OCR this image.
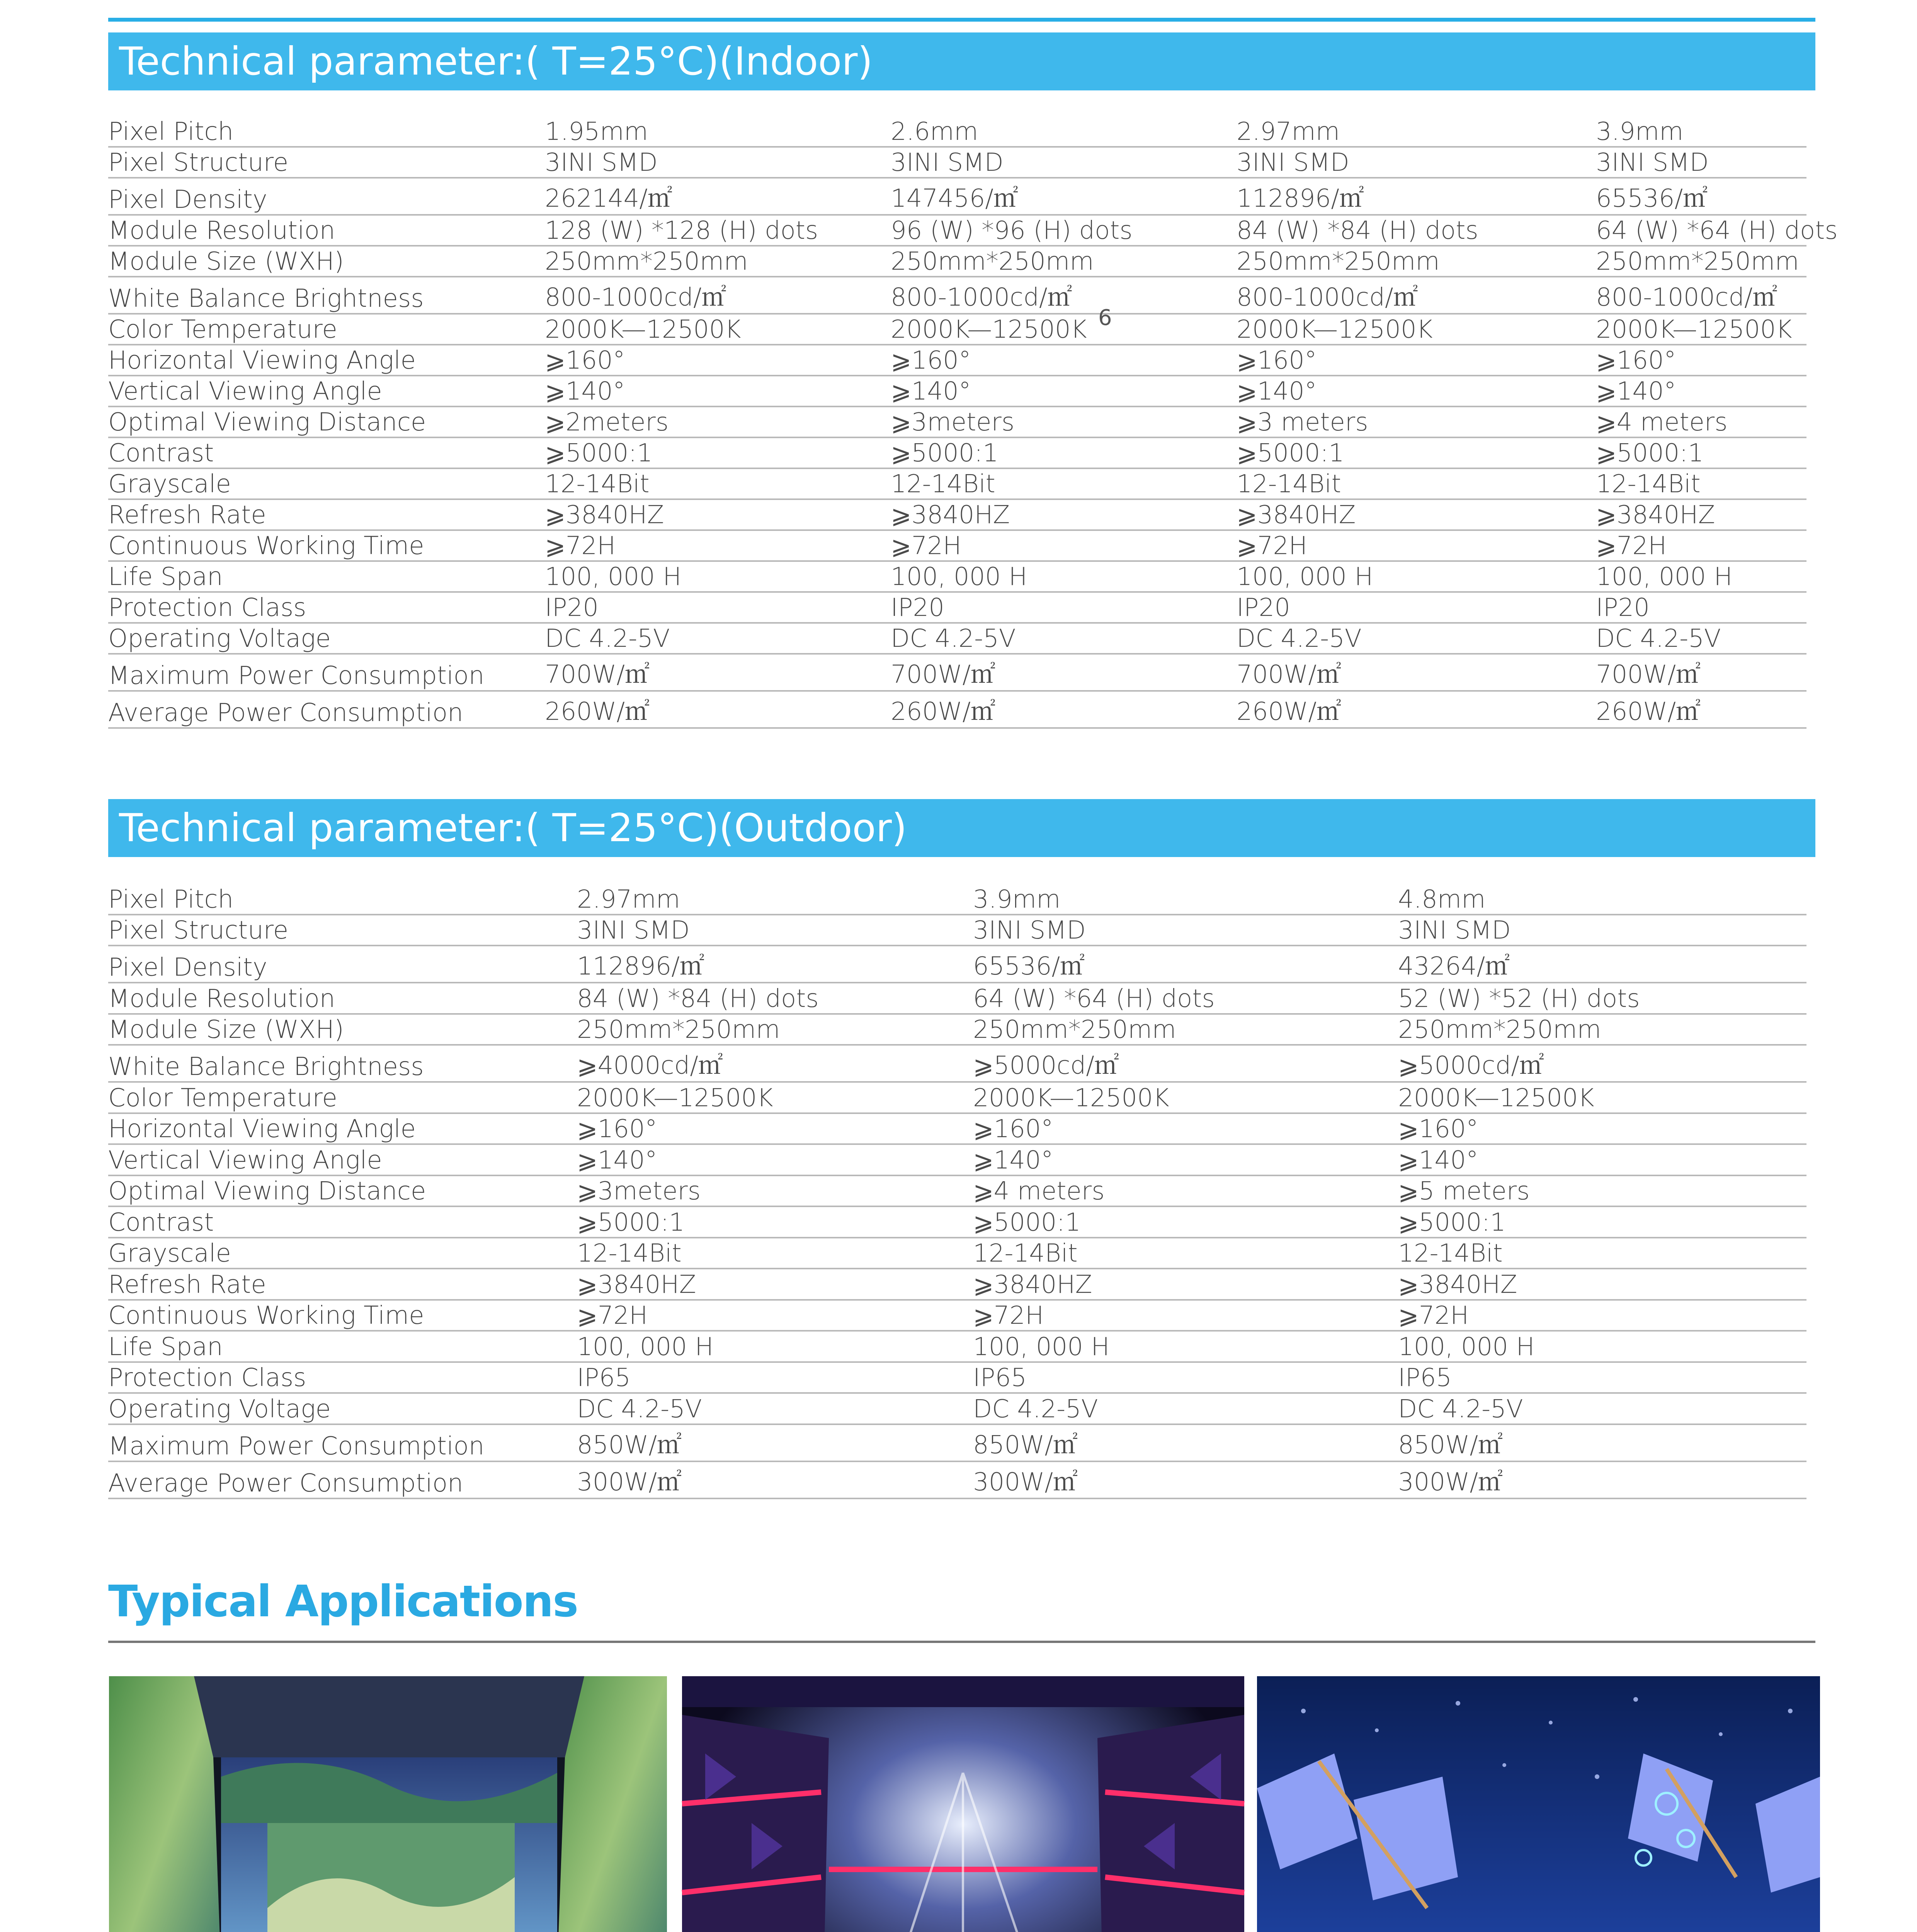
Technical parameter:( T=25°C)(Indoor)
Pixel Pitch	1.95mm	2.6mm	2.97mm	3.9mm
Pixel Structure	3INI SMD	3INI SMD	3INI SMD	3INI SMD
Pixel Density	262144/㎡	147456/㎡	112896/㎡	65536/㎡
Module Resolution	128 (W) *128 (H) dots	96 (W) *96 (H) dots	84 (W) *84 (H) dots	64 (W) *64 (H) dots
Module Size (WXH)	250mm*250mm	250mm*250mm	250mm*250mm	250mm*250mm
White Balance Brightness	800-1000cd/㎡	800-1000cd/㎡	800-1000cd/㎡	800-1000cd/㎡
Color Temperature	2000K—12500K	2000K—12500K	2000K—12500K	2000K—12500K
Horizontal Viewing Angle	⩾160°	⩾160°	⩾160°	⩾160°
Vertical Viewing Angle	⩾140°	⩾140°	⩾140°	⩾140°
Optimal Viewing Distance	⩾2meters	⩾3meters	⩾3 meters	⩾4 meters
Contrast	⩾5000:1	⩾5000:1	⩾5000:1	⩾5000:1
Grayscale	12-14Bit	12-14Bit	12-14Bit	12-14Bit
Refresh Rate	⩾3840HZ	⩾3840HZ	⩾3840HZ	⩾3840HZ
Continuous Working Time	⩾72H	⩾72H	⩾72H	⩾72H
Life Span	100, 000 H	100, 000 H	100, 000 H	100, 000 H
Protection Class	IP20	IP20	IP20	IP20
Operating Voltage	DC 4.2-5V	DC 4.2-5V	DC 4.2-5V	DC 4.2-5V
Maximum Power Consumption	700W/㎡	700W/㎡	700W/㎡	700W/㎡
Average Power Consumption	260W/㎡	260W/㎡	260W/㎡	260W/㎡
6
Technical parameter:( T=25°C)(Outdoor)
Pixel Pitch	2.97mm	3.9mm	4.8mm
Pixel Structure	3INI SMD	3INI SMD	3INI SMD
Pixel Density	112896/㎡	65536/㎡	43264/㎡
Module Resolution	84 (W) *84 (H) dots	64 (W) *64 (H) dots	52 (W) *52 (H) dots
Module Size (WXH)	250mm*250mm	250mm*250mm	250mm*250mm
White Balance Brightness	⩾4000cd/㎡	⩾5000cd/㎡	⩾5000cd/㎡
Color Temperature	2000K—12500K	2000K—12500K	2000K—12500K
Horizontal Viewing Angle	⩾160°	⩾160°	⩾160°
Vertical Viewing Angle	⩾140°	⩾140°	⩾140°
Optimal Viewing Distance	⩾3meters	⩾4 meters	⩾5 meters
Contrast	⩾5000:1	⩾5000:1	⩾5000:1
Grayscale	12-14Bit	12-14Bit	12-14Bit
Refresh Rate	⩾3840HZ	⩾3840HZ	⩾3840HZ
Continuous Working Time	⩾72H	⩾72H	⩾72H
Life Span	100, 000 H	100, 000 H	100, 000 H
Protection Class	IP65	IP65	IP65
Operating Voltage	DC 4.2-5V	DC 4.2-5V	DC 4.2-5V
Maximum Power Consumption	850W/㎡	850W/㎡	850W/㎡
Average Power Consumption	300W/㎡	300W/㎡	300W/㎡
Typical Applications
